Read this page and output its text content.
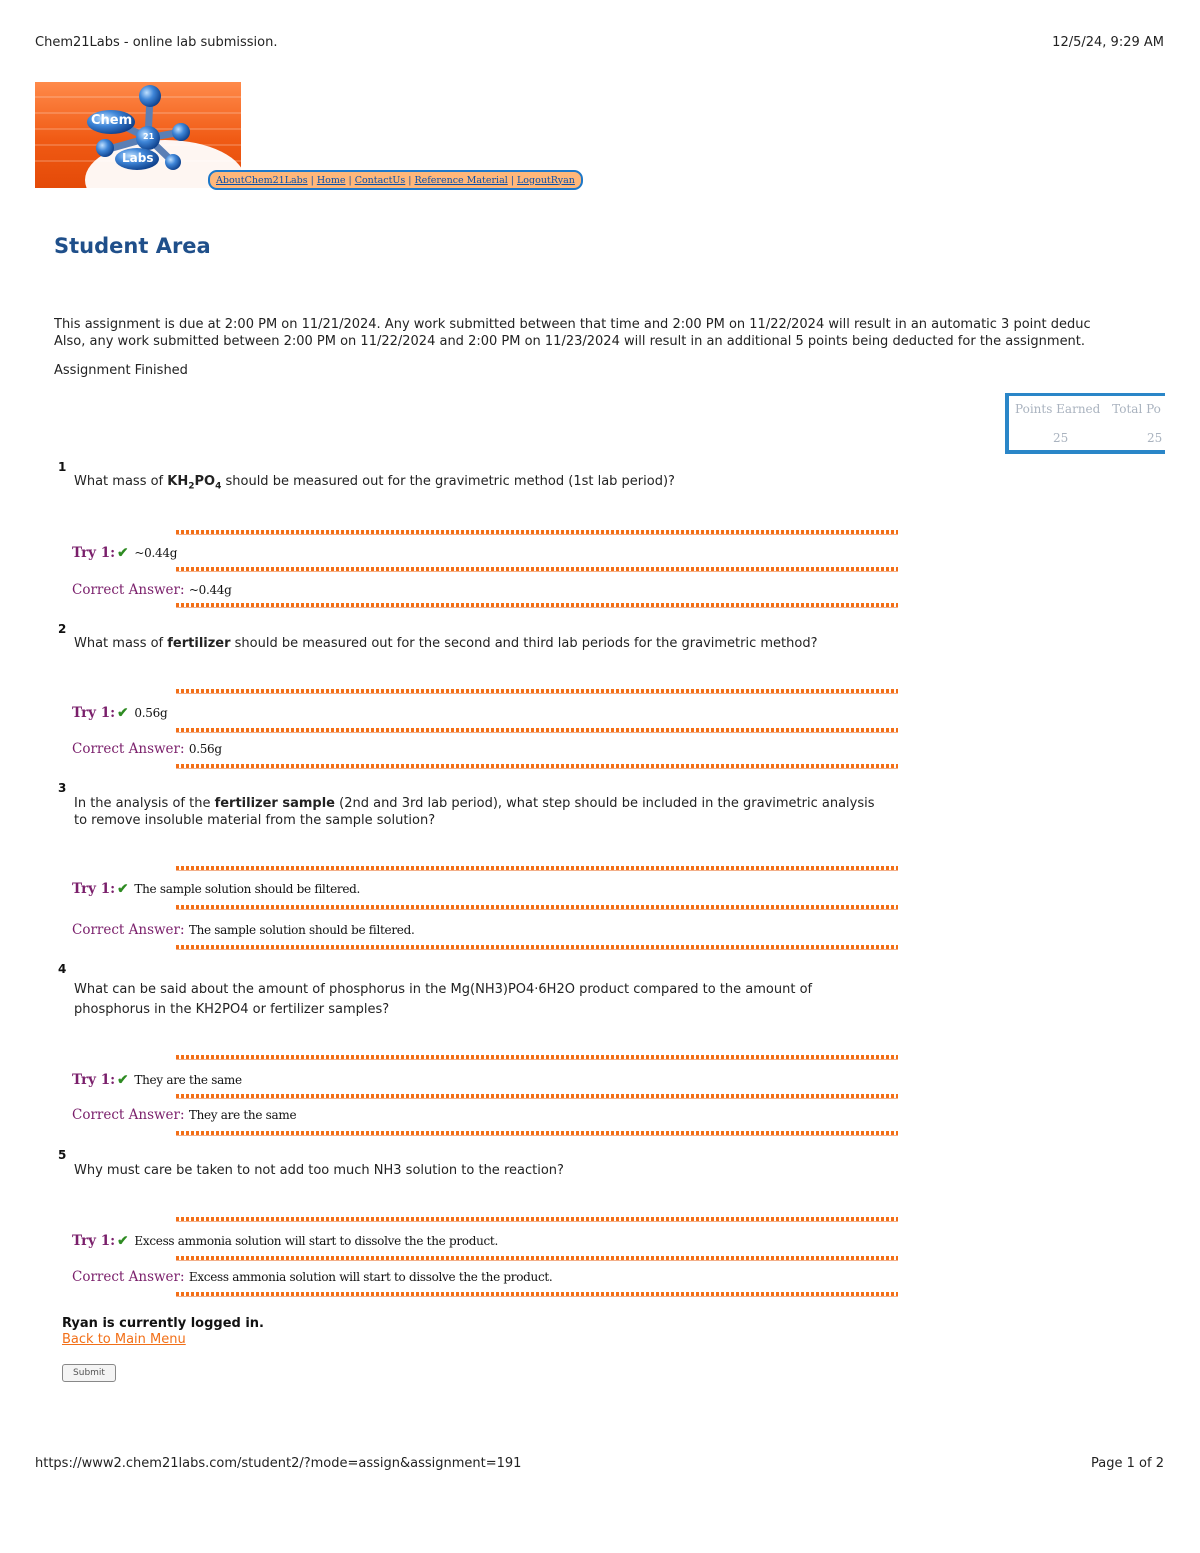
Chem21Labs - online lab submission.	12/5/24, 9:29 AM
Chem
21
Labs
AboutChem21Labs | Home | ContactUs | Reference Material | LogoutRyan
Student Area
This assignment is due at 2:00 PM on 11/21/2024. Any work submitted between that time and 2:00 PM on 11/22/2024 will result in an automatic 3 point deduc
Also, any work submitted between 2:00 PM on 11/22/2024 and 2:00 PM on 11/23/2024 will result in an additional 5 points being deducted for the assignment.
Assignment Finished
Points Earned Total Po
25	25
1
What mass of $KH_2PO_4$ should be measured out for the gravimetric method (1st lab period)?
Try 1: ✔ ~0.44g
Correct Answer: ~0.44g
2
What mass of fertilizer should be measured out for the second and third lab periods for the gravimetric method?
Try 1: ✔ 0.56g
Correct Answer: 0.56g
3
In the analysis of the fertilizer sample (2nd and 3rd lab period), what step should be included in the gravimetric analysis
to remove insoluble material from the sample solution?
Try 1: ✔ The sample solution should be filtered.
Correct Answer: The sample solution should be filtered.
4
What can be said about the amount of phosphorus in the Mg(NH3)PO4·6H2O product compared to the amount of
phosphorus in the KH2PO4 or fertilizer samples?
Try 1: ✔ They are the same
Correct Answer: They are the same
5
Why must care be taken to not add too much NH3 solution to the reaction?
Try 1: ✔ Excess ammonia solution will start to dissolve the the product.
Correct Answer: Excess ammonia solution will start to dissolve the the product.

Ryan is currently logged in.
Back to Main Menu
Submit
https://www2.chem21labs.com/student2/?mode=assign&assignment=191	Page 1 of 2
